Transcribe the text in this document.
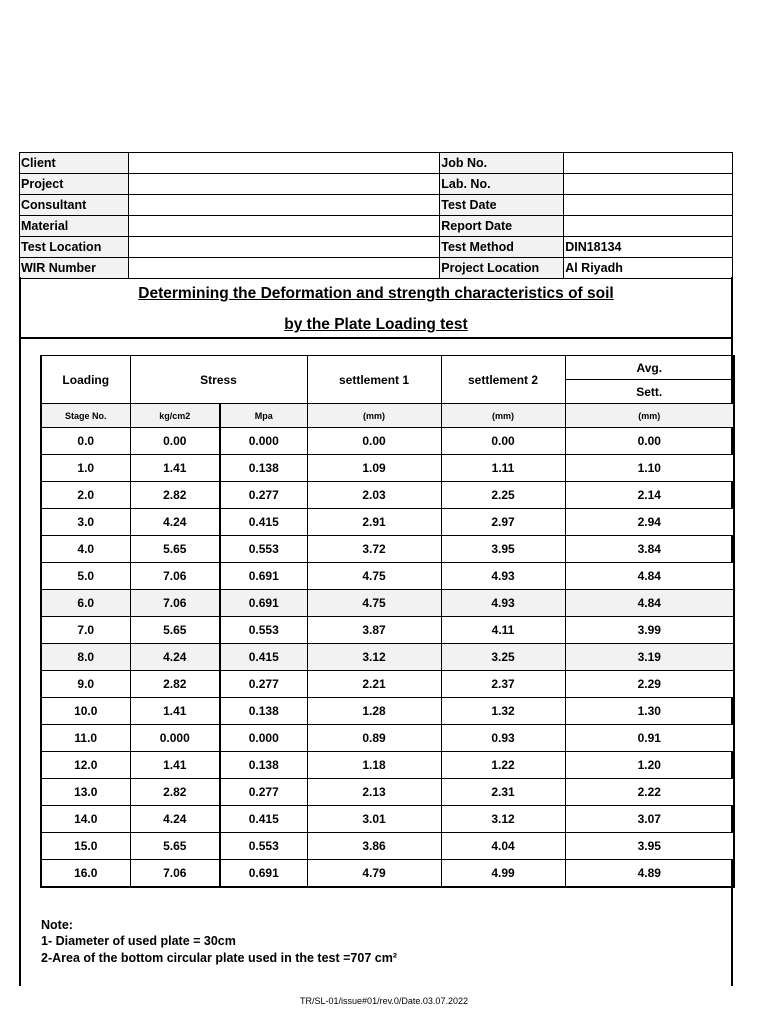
Client		Job No.	
Project		Lab. No.	
Consultant		Test Date	
Material		Report Date	
Test Location		Test Method	DIN18134
WIR Number		Project Location	Al Riyadh
Determining the Deformation and strength characteristics of soil
by the Plate Loading test
Loading	Stress		settlement 1	settlement 2	Avg.
					Sett.
Stage No.	kg/cm2	Mpa	(mm)	(mm)	(mm)
0.0	0.00	0.000	0.00	0.00	0.00
1.0	1.41	0.138	1.09	1.11	1.10
2.0	2.82	0.277	2.03	2.25	2.14
3.0	4.24	0.415	2.91	2.97	2.94
4.0	5.65	0.553	3.72	3.95	3.84
5.0	7.06	0.691	4.75	4.93	4.84
6.0	7.06	0.691	4.75	4.93	4.84
7.0	5.65	0.553	3.87	4.11	3.99
8.0	4.24	0.415	3.12	3.25	3.19
9.0	2.82	0.277	2.21	2.37	2.29
10.0	1.41	0.138	1.28	1.32	1.30
11.0	0.000	0.000	0.89	0.93	0.91
12.0	1.41	0.138	1.18	1.22	1.20
13.0	2.82	0.277	2.13	2.31	2.22
14.0	4.24	0.415	3.01	3.12	3.07
15.0	5.65	0.553	3.86	4.04	3.95
16.0	7.06	0.691	4.79	4.99	4.89
Note:
1- Diameter of used plate = 30cm
2-Area of the bottom circular plate used in the test =707 cm²
TR/SL-01/issue#01/rev.0/Date.03.07.2022
